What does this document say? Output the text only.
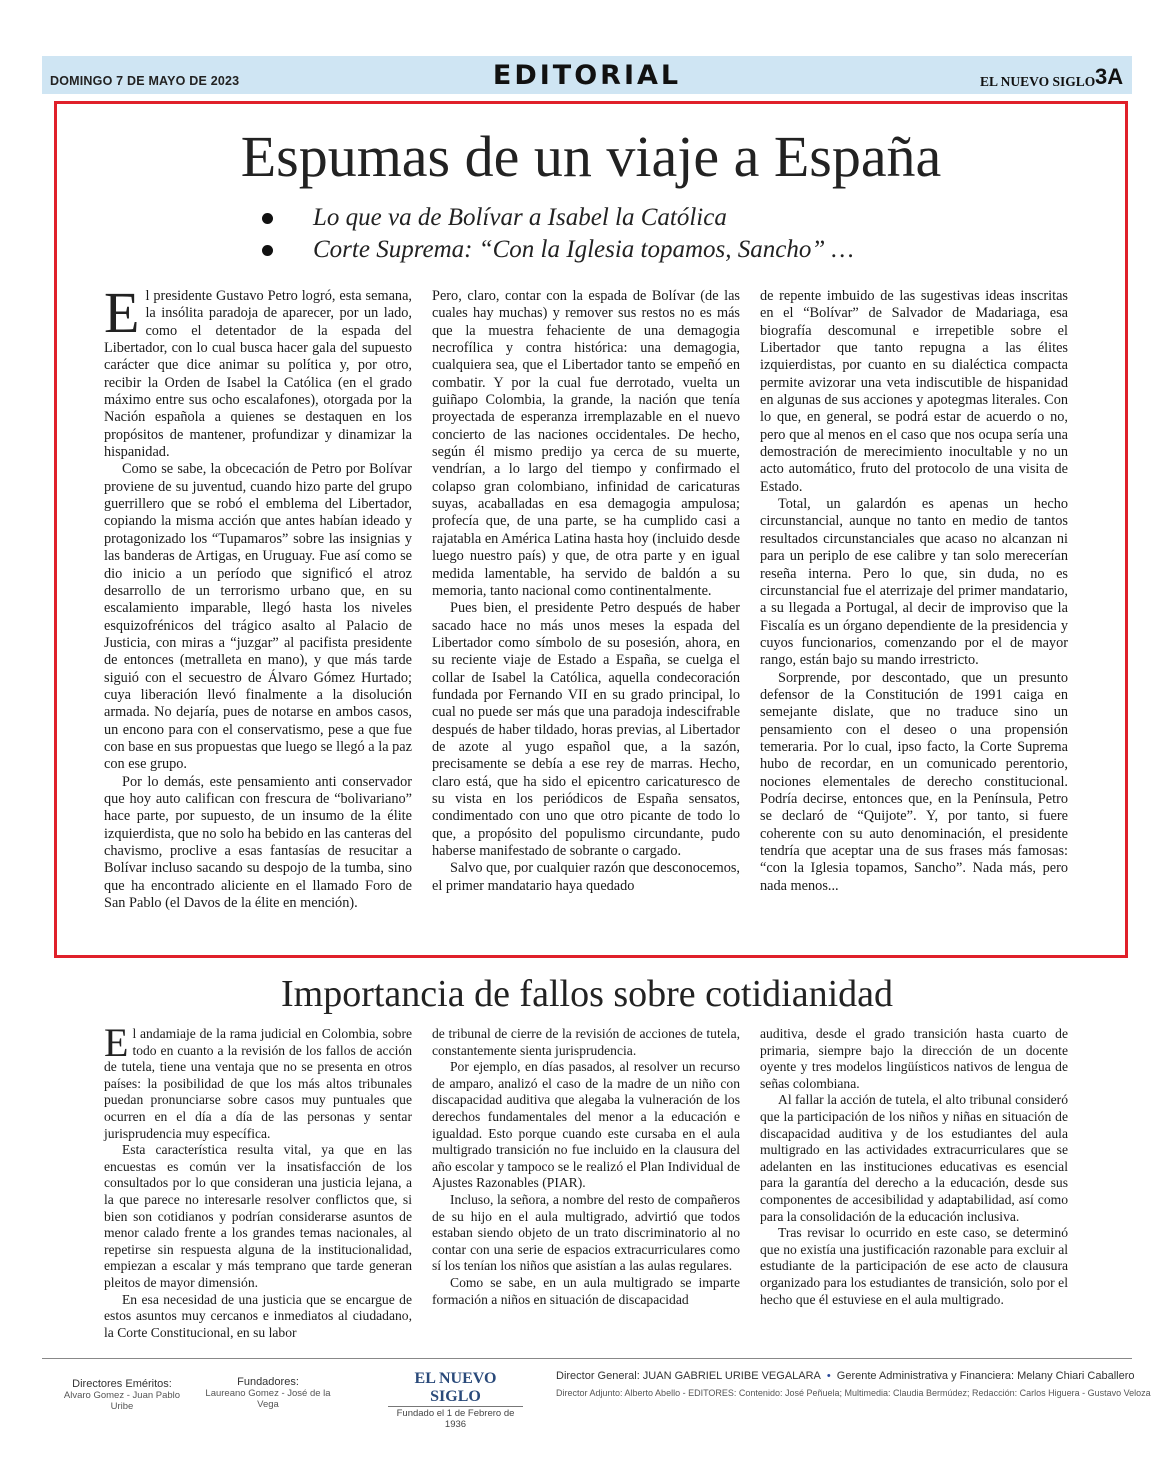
DOMINGO 7 DE MAYO DE 2023	EDITORIAL	EL NUEVO SIGLO 3A
Espumas de un viaje a España
Lo que va de Bolívar a Isabel la Católica
Corte Suprema: “Con la Iglesia topamos, Sancho” …

El presidente Gustavo Petro logró, esta semana, la insólita paradoja de aparecer, por un lado, como el detentador de la espada del Libertador, con lo cual busca hacer gala del supuesto carácter que dice animar su política y, por otro, recibir la Orden de Isabel la Católica (en el grado máximo entre sus ocho escalafones), otorgada por la Nación española a quienes se destaquen en los propósitos de mantener, profundizar y dinamizar la hispanidad.

Como se sabe, la obcecación de Petro por Bolívar proviene de su juventud, cuando hizo parte del grupo guerrillero que se robó el emblema del Libertador, copiando la misma acción que antes habían ideado y protagonizado los “Tupamaros” sobre las insignias y las banderas de Artigas, en Uruguay. Fue así como se dio inicio a un período que significó el atroz desarrollo de un terrorismo urbano que, en su escalamiento imparable, llegó hasta los niveles esquizofrénicos del trágico asalto al Palacio de Justicia, con miras a “juzgar” al pacifista presidente de entonces (metralleta en mano), y que más tarde siguió con el secuestro de Álvaro Gómez Hurtado; cuya liberación llevó finalmente a la disolución armada. No dejaría, pues de notarse en ambos casos, un encono para con el conservatismo, pese a que fue con base en sus propuestas que luego se llegó a la paz con ese grupo.

Por lo demás, este pensamiento anti conservador que hoy auto califican con frescura de “bolivariano” hace parte, por supuesto, de un insumo de la élite izquierdista, que no solo ha bebido en las canteras del chavismo, proclive a esas fantasías de resucitar a Bolívar incluso sacando su despojo de la tumba, sino que ha encontrado aliciente en el llamado Foro de San Pablo (el Davos de la élite en mención).

Pero, claro, contar con la espada de Bolívar (de las cuales hay muchas) y remover sus restos no es más que la muestra fehaciente de una demagogia necrofílica y contra histórica: una demagogia, cualquiera sea, que el Libertador tanto se empeñó en combatir. Y por la cual fue derrotado, vuelta un guiñapo Colombia, la grande, la nación que tenía proyectada de esperanza irremplazable en el nuevo concierto de las naciones occidentales. De hecho, según él mismo predijo ya cerca de su muerte, vendrían, a lo largo del tiempo y confirmado el colapso gran colombiano, infinidad de caricaturas suyas, acaballadas en esa demagogia ampulosa; profecía que, de una parte, se ha cumplido casi a rajatabla en América Latina hasta hoy (incluido desde luego nuestro país) y que, de otra parte y en igual medida lamentable, ha servido de baldón a su memoria, tanto nacional como continentalmente.

Pues bien, el presidente Petro después de haber sacado hace no más unos meses la espada del Libertador como símbolo de su posesión, ahora, en su reciente viaje de Estado a España, se cuelga el collar de Isabel la Católica, aquella condecoración fundada por Fernando VII en su grado principal, lo cual no puede ser más que una paradoja indescifrable después de haber tildado, horas previas, al Libertador de azote al yugo español que, a la sazón, precisamente se debía a ese rey de marras. Hecho, claro está, que ha sido el epicentro caricaturesco de su vista en los periódicos de España sensatos, condimentado con uno que otro picante de todo lo que, a propósito del populismo circundante, pudo haberse manifestado de sobrante o cargado.

Salvo que, por cualquier razón que desconocemos, el primer mandatario haya quedado

de repente imbuido de las sugestivas ideas inscritas en el “Bolívar” de Salvador de Madariaga, esa biografía descomunal e irrepetible sobre el Libertador que tanto repugna a las élites izquierdistas, por cuanto en su dialéctica compacta permite avizorar una veta indiscutible de hispanidad en algunas de sus acciones y apotegmas literales. Con lo que, en general, se podrá estar de acuerdo o no, pero que al menos en el caso que nos ocupa sería una demostración de merecimiento inocultable y no un acto automático, fruto del protocolo de una visita de Estado.

Total, un galardón es apenas un hecho circunstancial, aunque no tanto en medio de tantos resultados circunstanciales que acaso no alcanzan ni para un periplo de ese calibre y tan solo merecerían reseña interna. Pero lo que, sin duda, no es circunstancial fue el aterrizaje del primer mandatario, a su llegada a Portugal, al decir de improviso que la Fiscalía es un órgano dependiente de la presidencia y cuyos funcionarios, comenzando por el de mayor rango, están bajo su mando irrestricto.

Sorprende, por descontado, que un presunto defensor de la Constitución de 1991 caiga en semejante dislate, que no traduce sino un pensamiento con el deseo o una propensión temeraria. Por lo cual, ipso facto, la Corte Suprema hubo de recordar, en un comunicado perentorio, nociones elementales de derecho constitucional. Podría decirse, entonces que, en la Península, Petro se declaró de “Quijote”. Y, por tanto, si fuere coherente con su auto denominación, el presidente tendría que aceptar una de sus frases más famosas: “con la Iglesia topamos, Sancho”. Nada más, pero nada menos...

Importancia de fallos sobre cotidianidad

El andamiaje de la rama judicial en Colombia, sobre todo en cuanto a la revisión de los fallos de acción de tutela, tiene una ventaja que no se presenta en otros países: la posibilidad de que los más altos tribunales puedan pronunciarse sobre casos muy puntuales que ocurren en el día a día de las personas y sentar jurisprudencia muy específica.

Esta característica resulta vital, ya que en las encuestas es común ver la insatisfacción de los consultados por lo que consideran una justicia lejana, a la que parece no interesarle resolver conflictos que, si bien son cotidianos y podrían considerarse asuntos de menor calado frente a los grandes temas nacionales, al repetirse sin respuesta alguna de la institucionalidad, empiezan a escalar y más temprano que tarde generan pleitos de mayor dimensión.

En esa necesidad de una justicia que se encargue de estos asuntos muy cercanos e inmediatos al ciudadano, la Corte Constitucional, en su labor

de tribunal de cierre de la revisión de acciones de tutela, constantemente sienta jurisprudencia.

Por ejemplo, en días pasados, al resolver un recurso de amparo, analizó el caso de la madre de un niño con discapacidad auditiva que alegaba la vulneración de los derechos fundamentales del menor a la educación e igualdad. Esto porque cuando este cursaba en el aula multigrado transición no fue incluido en la clausura del año escolar y tampoco se le realizó el Plan Individual de Ajustes Razonables (PIAR).

Incluso, la señora, a nombre del resto de compañeros de su hijo en el aula multigrado, advirtió que todos estaban siendo objeto de un trato discriminatorio al no contar con una serie de espacios extracurriculares como sí los tenían los niños que asistían a las aulas regulares.

Como se sabe, en un aula multigrado se imparte formación a niños en situación de discapacidad

auditiva, desde el grado transición hasta cuarto de primaria, siempre bajo la dirección de un docente oyente y tres modelos lingüísticos nativos de lengua de señas colombiana.

Al fallar la acción de tutela, el alto tribunal consideró que la participación de los niños y niñas en situación de discapacidad auditiva y de los estudiantes del aula multigrado en las actividades extracurriculares que se adelanten en las instituciones educativas es esencial para la garantía del derecho a la educación, desde sus componentes de accesibilidad y adaptabilidad, así como para la consolidación de la educación inclusiva.

Tras revisar lo ocurrido en este caso, se determinó que no existía una justificación razonable para excluir al estudiante de la participación de ese acto de clausura organizado para los estudiantes de transición, solo por el hecho que él estuviese en el aula multigrado.

Directores Eméritos:
Alvaro Gomez - Juan Pablo Uribe
Fundadores:
Laureano Gomez - José de la Vega
EL NUEVO SIGLO
Fundado el 1 de Febrero de 1936
Director General: JUAN GABRIEL URIBE VEGALARA • Gerente Administrativa y Financiera: Melany Chiari Caballero
Director Adjunto: Alberto Abello - EDITORES: Contenido: José Peñuela; Multimedia: Claudia Bermúdez; Redacción: Carlos Higuera - Gustavo Veloza
